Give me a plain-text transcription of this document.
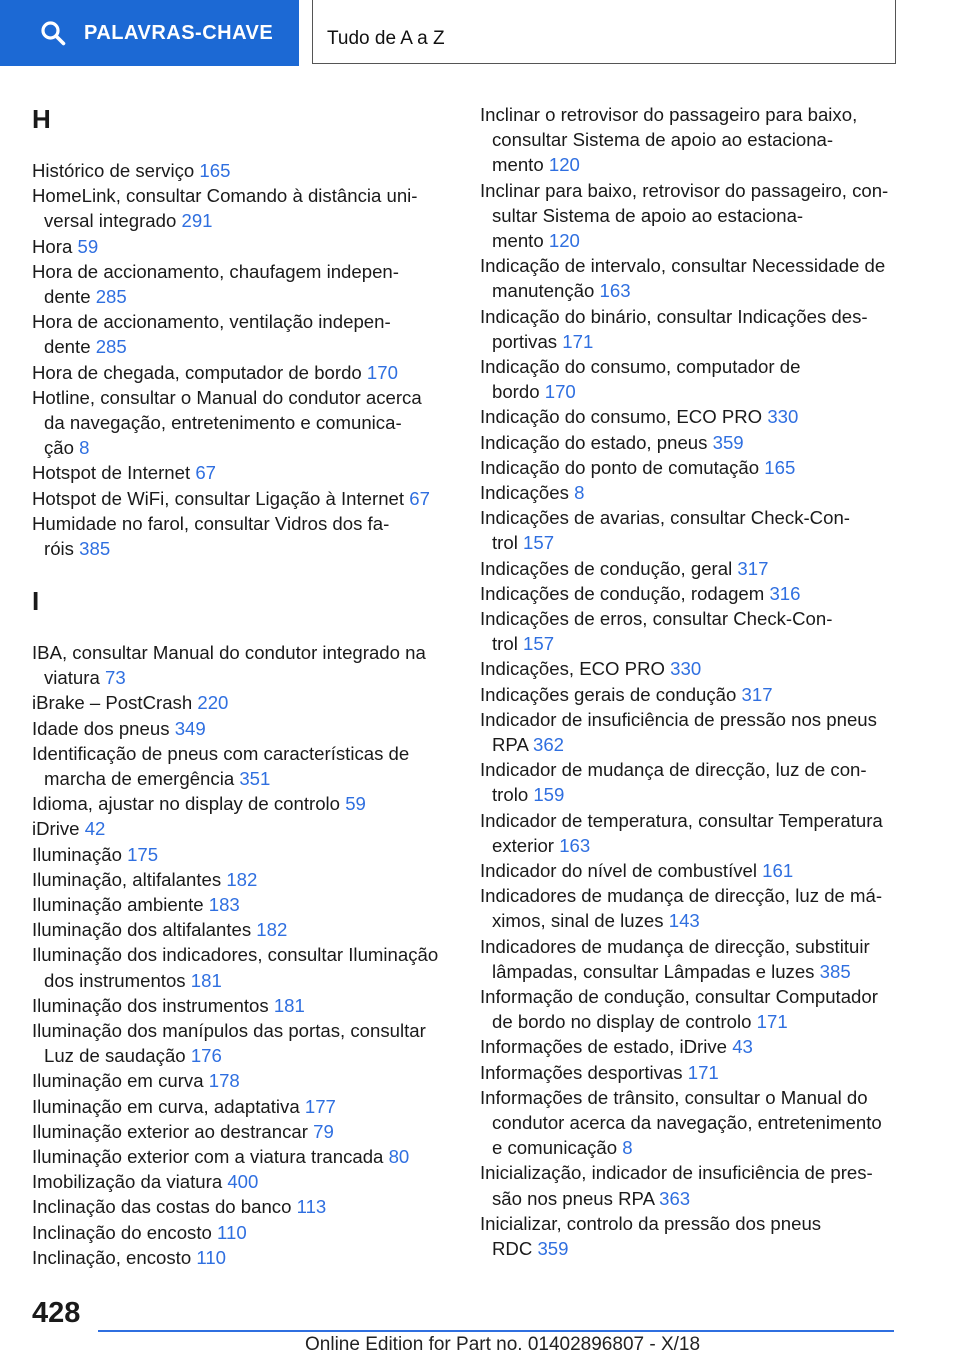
PALAVRAS-CHAVE	Tudo de A a Z
H
I
Histórico de serviço 165
HomeLink, consultar Comando à distância uni-
versal integrado 291
Hora 59
Hora de accionamento, chaufagem indepen-
dente 285
Hora de accionamento, ventilação indepen-
dente 285
Hora de chegada, computador de bordo 170
Hotline, consultar o Manual do condutor acerca
da navegação, entretenimento e comunica-
ção 8
Hotspot de Internet 67
Hotspot de WiFi, consultar Ligação à Internet 67
Humidade no farol, consultar Vidros dos fa-
róis 385
IBA, consultar Manual do condutor integrado na
viatura 73
iBrake – PostCrash 220
Idade dos pneus 349
Identificação de pneus com características de
marcha de emergência 351
Idioma, ajustar no display de controlo 59
iDrive 42
Iluminação 175
Iluminação, altifalantes 182
Iluminação ambiente 183
Iluminação dos altifalantes 182
Iluminação dos indicadores, consultar Iluminação
dos instrumentos 181
Iluminação dos instrumentos 181
Iluminação dos manípulos das portas, consultar
Luz de saudação 176
Iluminação em curva 178
Iluminação em curva, adaptativa 177
Iluminação exterior ao destrancar 79
Iluminação exterior com a viatura trancada 80
Imobilização da viatura 400
Inclinação das costas do banco 113
Inclinação do encosto 110
Inclinação, encosto 110
Inclinar o retrovisor do passageiro para baixo,
consultar Sistema de apoio ao estaciona-
mento 120
Inclinar para baixo, retrovisor do passageiro, con-
sultar Sistema de apoio ao estaciona-
mento 120
Indicação de intervalo, consultar Necessidade de
manutenção 163
Indicação do binário, consultar Indicações des-
portivas 171
Indicação do consumo, computador de
bordo 170
Indicação do consumo, ECO PRO 330
Indicação do estado, pneus 359
Indicação do ponto de comutação 165
Indicações 8
Indicações de avarias, consultar Check-Con-
trol 157
Indicações de condução, geral 317
Indicações de condução, rodagem 316
Indicações de erros, consultar Check-Con-
trol 157
Indicações, ECO PRO 330
Indicações gerais de condução 317
Indicador de insuficiência de pressão nos pneus
RPA 362
Indicador de mudança de direcção, luz de con-
trolo 159
Indicador de temperatura, consultar Temperatura
exterior 163
Indicador do nível de combustível 161
Indicadores de mudança de direcção, luz de má-
ximos, sinal de luzes 143
Indicadores de mudança de direcção, substituir
lâmpadas, consultar Lâmpadas e luzes 385
Informação de condução, consultar Computador
de bordo no display de controlo 171
Informações de estado, iDrive 43
Informações desportivas 171
Informações de trânsito, consultar o Manual do
condutor acerca da navegação, entretenimento
e comunicação 8
Inicialização, indicador de insuficiência de pres-
são nos pneus RPA 363
Inicializar, controlo da pressão dos pneus
RDC 359
428
Online Edition for Part no. 01402896807 - X/18
